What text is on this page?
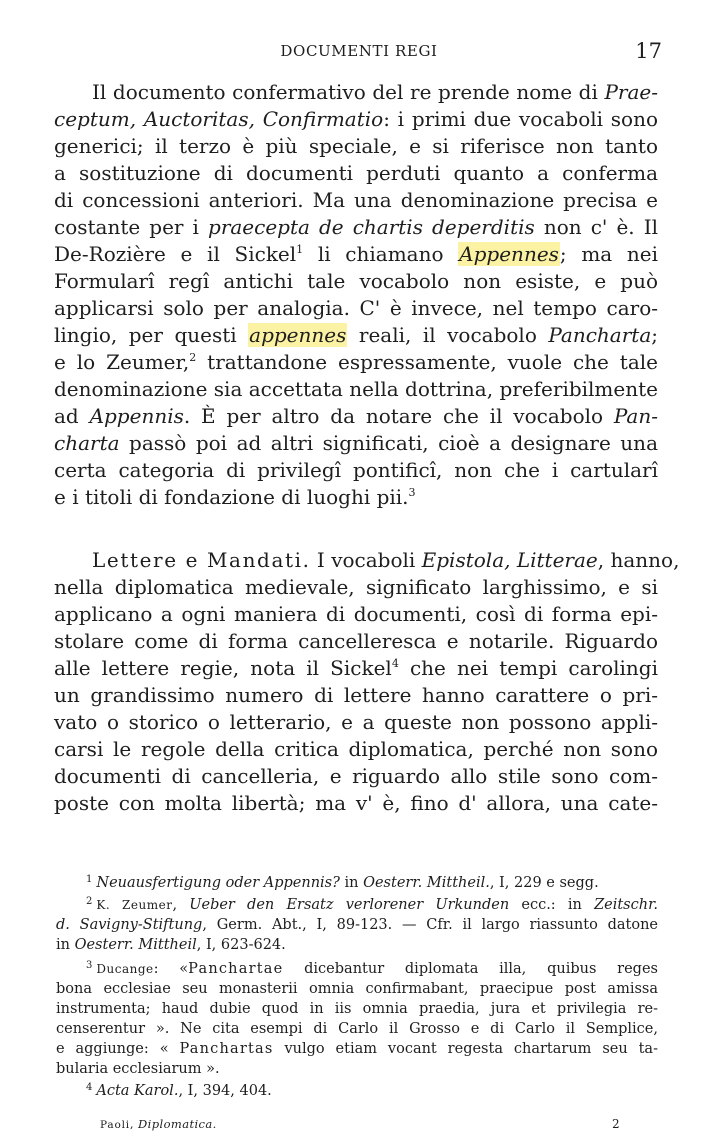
DOCUMENTI REGI	17
Il documento confermativo del re prende nome di Prae-
ceptum, Auctoritas, Confirmatio: i primi due vocaboli sono
generici; il terzo è più speciale, e si riferisce non tanto
a sostituzione di documenti perduti quanto a conferma
di concessioni anteriori. Ma una denominazione precisa e
costante per i praecepta de chartis deperditis non c' è. Il
De-Rozière e il Sickel$^1$ li chiamano Appennes; ma nei
Formularî regî antichi tale vocabolo non esiste, e può
applicarsi solo per analogia. C' è invece, nel tempo caro-
lingio, per questi appennes reali, il vocabolo Pancharta;
e lo Zeumer,$^2$ trattandone espressamente, vuole che tale
denominazione sia accettata nella dottrina, preferibilmente
ad Appennis. È per altro da notare che il vocabolo Pan-
charta passò poi ad altri significati, cioè a designare una
certa categoria di privilegî pontificî, non che i cartularî
e i titoli di fondazione di luoghi pii.$^3$
Lettere e Mandati. I vocaboli Epistola, Litterae, hanno,
nella diplomatica medievale, significato larghissimo, e si
applicano a ogni maniera di documenti, così di forma epi-
stolare come di forma cancelleresca e notarile. Riguardo
alle lettere regie, nota il Sickel$^4$ che nei tempi carolingi
un grandissimo numero di lettere hanno carattere o pri-
vato o storico o letterario, e a queste non possono appli-
carsi le regole della critica diplomatica, perché non sono
documenti di cancelleria, e riguardo allo stile sono com-
poste con molta libertà; ma v' è, fino d' allora, una cate-
$^1$ Neuausfertigung oder Appennis? in Oesterr. Mittheil., I, 229 e segg.
$^2$ K. Zeumer, Ueber den Ersatz verlorener Urkunden ecc.: in Zeitschr.
d. Savigny-Stiftung, Germ. Abt., I, 89-123. — Cfr. il largo riassunto datone
in Oesterr. Mittheil, I, 623-624.
$^3$ Ducange: «Panchartae dicebantur diplomata illa, quibus reges
bona ecclesiae seu monasterii omnia confirmabant, praecipue post amissa
instrumenta; haud dubie quod in iis omnia praedia, jura et privilegia re-
censerentur ». Ne cita esempi di Carlo il Grosso e di Carlo il Semplice,
e aggiunge: « Panchartas vulgo etiam vocant regesta chartarum seu ta-
bularia ecclesiarum ».
$^4$ Acta Karol., I, 394, 404.
Paoli, Diplomatica.	2
